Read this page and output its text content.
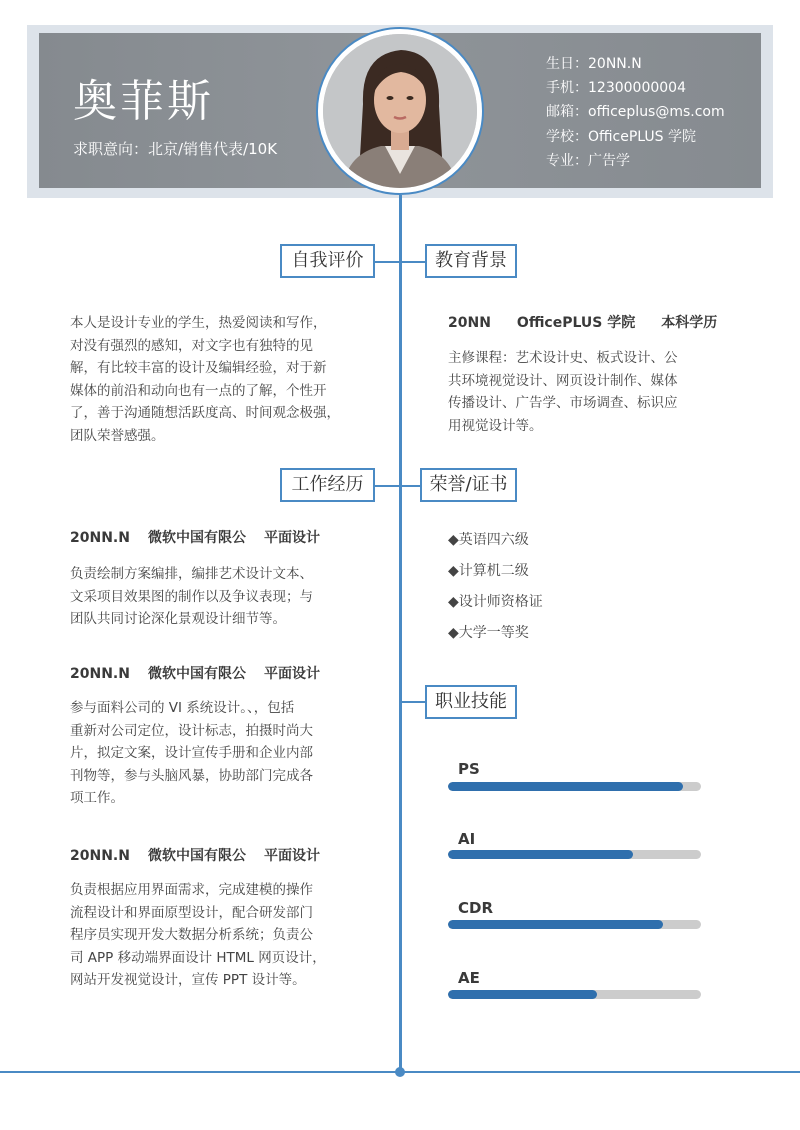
奥菲斯
求职意向：北京/销售代表/10K
生日：20NN.N
手机：12300000004
邮箱：officeplus@ms.com
学校：OfficePLUS 学院
专业：广告学
自我评价	教育背景
工作经历	荣誉/证书
职业技能
本人是设计专业的学生，热爱阅读和写作，
对没有强烈的感知，对文字也有独特的见
解，有比较丰富的设计及编辑经验，对于新
媒体的前沿和动向也有一点的了解，个性开
了，善于沟通随想活跃度高、时间观念极强，
团队荣誉感强。
20NN OfficePLUS 学院 本科学历
主修课程：艺术设计史、板式设计、公
共环境视觉设计、网页设计制作、媒体
传播设计、广告学、市场调查、标识应
用视觉设计等。
20NN.N 微软中国有限公 平面设计
负责绘制方案编排，编排艺术设计文本、
文采项目效果图的制作以及争议表现；与
团队共同讨论深化景观设计细节等。
20NN.N 微软中国有限公 平面设计
参与面料公司的 VI 系统设计。、，包括
重新对公司定位，设计标志，拍摄时尚大
片，拟定文案，设计宣传手册和企业内部
刊物等，参与头脑风暴，协助部门完成各
项工作。
20NN.N 微软中国有限公 平面设计
负责根据应用界面需求，完成建模的操作
流程设计和界面原型设计，配合研发部门
程序员实现开发大数据分析系统；负责公
司 APP 移动端界面设计 HTML 网页设计，
网站开发视觉设计，宣传 PPT 设计等。
◆英语四六级
◆计算机二级
◆设计师资格证
◆大学一等奖
PS
AI
CDR
AE
